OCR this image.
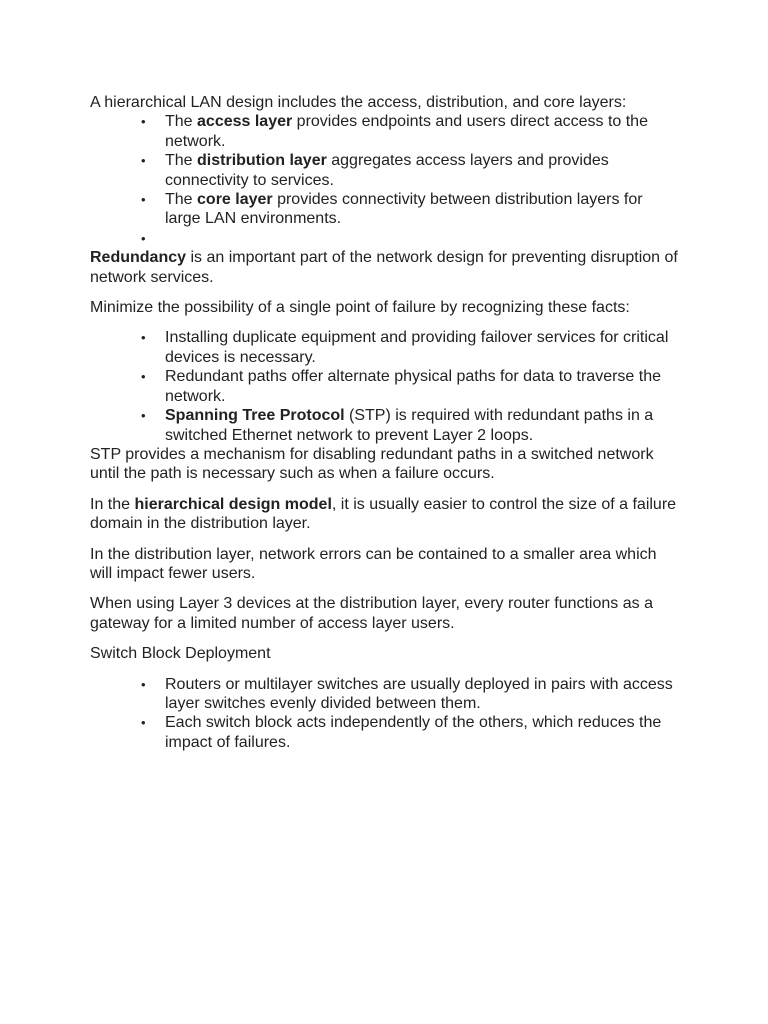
A hierarchical LAN design includes the access, distribution, and core layers:

• The access layer provides endpoints and users direct access to the network.
• The distribution layer aggregates access layers and provides connectivity to services.
• The core layer provides connectivity between distribution layers for large LAN environments.
•

Redundancy is an important part of the network design for preventing disruption of network services.

Minimize the possibility of a single point of failure by recognizing these facts:

• Installing duplicate equipment and providing failover services for critical devices is necessary.
• Redundant paths offer alternate physical paths for data to traverse the network.
• Spanning Tree Protocol (STP) is required with redundant paths in a switched Ethernet network to prevent Layer 2 loops.

STP provides a mechanism for disabling redundant paths in a switched network until the path is necessary such as when a failure occurs.

In the hierarchical design model, it is usually easier to control the size of a failure domain in the distribution layer.

In the distribution layer, network errors can be contained to a smaller area which will impact fewer users.

When using Layer 3 devices at the distribution layer, every router functions as a gateway for a limited number of access layer users.

Switch Block Deployment

• Routers or multilayer switches are usually deployed in pairs with access layer switches evenly divided between them.
• Each switch block acts independently of the others, which reduces the impact of failures.
